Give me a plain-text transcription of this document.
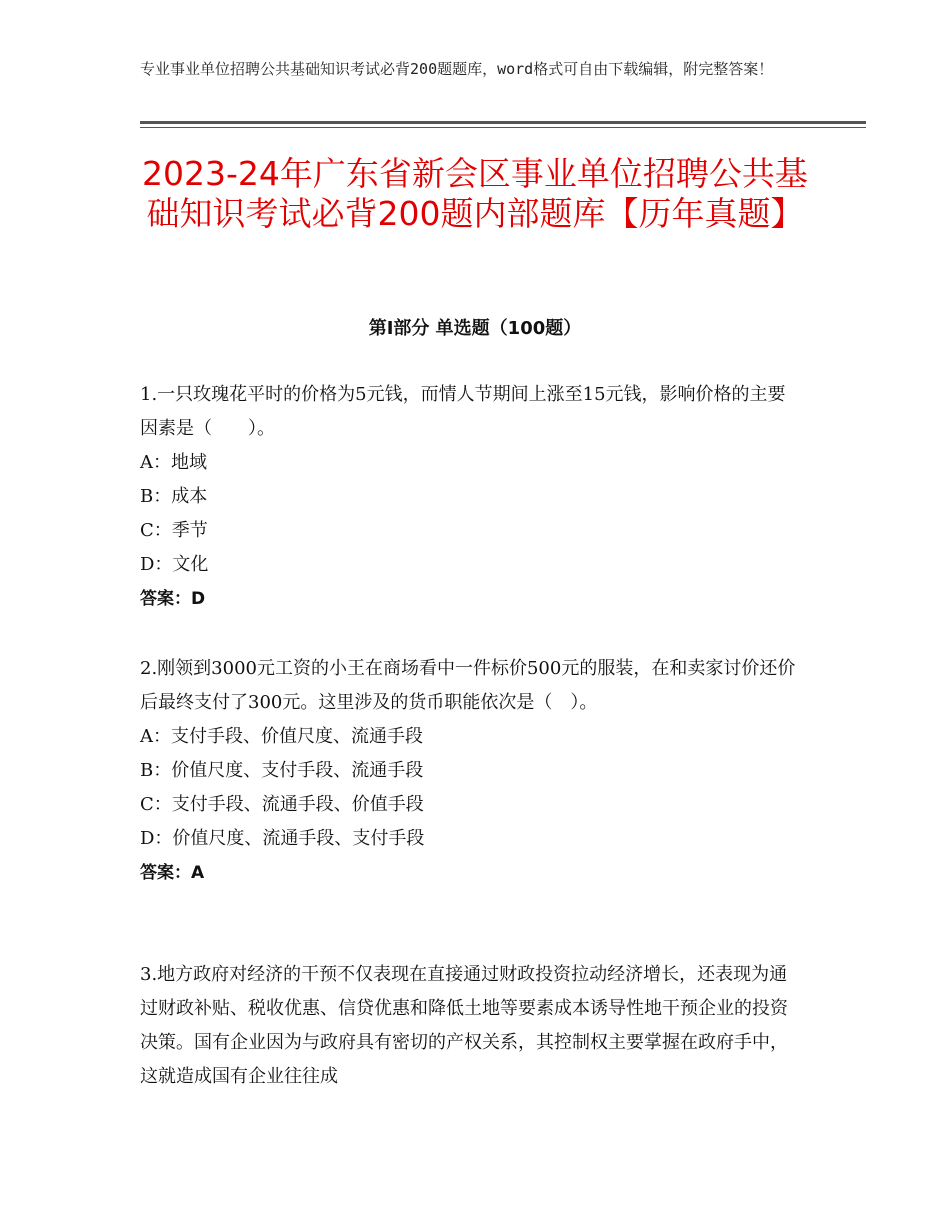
专业事业单位招聘公共基础知识考试必背200题题库，word格式可自由下载编辑，附完整答案！
2023-24年广东省新会区事业单位招聘公共基础知识考试必背200题内部题库【历年真题】
第Ⅰ部分 单选题（100题）
1.一只玫瑰花平时的价格为5元钱，而情人节期间上涨至15元钱，影响价格的主要因素是（　　）。
A：地域
B：成本
C：季节
D：文化
答案：D
2.刚领到3000元工资的小王在商场看中一件标价500元的服装，在和卖家讨价还价后最终支付了300元。这里涉及的货币职能依次是（　）。
A：支付手段、价值尺度、流通手段
B：价值尺度、支付手段、流通手段
C：支付手段、流通手段、价值手段
D：价值尺度、流通手段、支付手段
答案：A
3.地方政府对经济的干预不仅表现在直接通过财政投资拉动经济增长，还表现为通过财政补贴、税收优惠、信贷优惠和降低土地等要素成本诱导性地干预企业的投资决策。国有企业因为与政府具有密切的产权关系，其控制权主要掌握在政府手中，这就造成国有企业往往成
